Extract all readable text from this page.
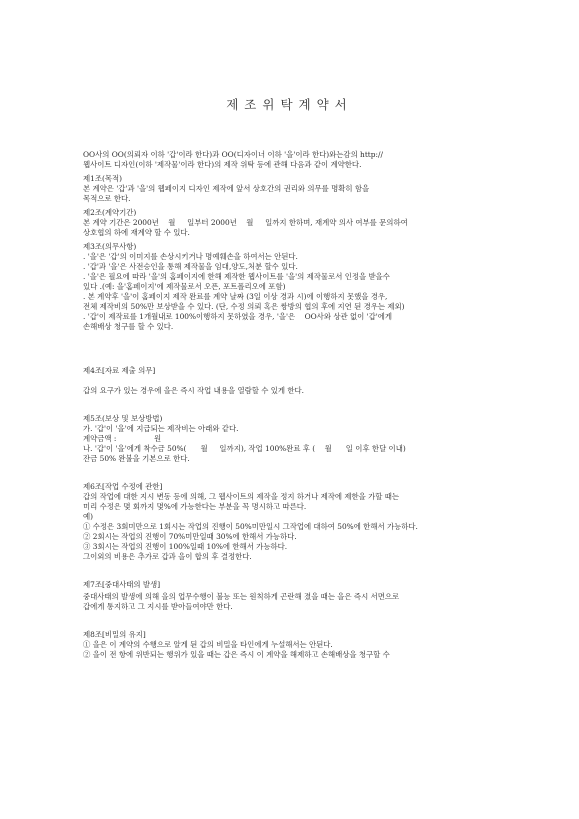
제조위탁계약서
OO사의 OO(의뢰자 이하 '갑'이라 한다)과 OO(디자이너 이하 '을'이라 한다)와는감의 http://
웹사이트 디자인(이하 '제작물'이라 한다)의 제작 위탁 등에 관해 다음과 같이 계약한다.
제1조(목적)
본 계약은 '갑'과 '을'의 웹페이지 디자인 제작에 앞서 상호간의 권리와 의무를 명확히 함을
목적으로 한다.
제2조(계약기간)
본 계약 기간은 2000년    월     일부터 2000년    월     일까지 한하며, 재계약 의사 여부를 문의하여
상호협의 하에 재계약 할 수 있다.
제3조(의무사항)
. '을'은 '갑'의 이미지를 손상시키거나 명예훼손을 하여서는 안된다.
. '갑'과 '을'은 사전승인을 통해 제작물을 임대,양도,처분 할수 있다.
. '을'은 필요에 따라 '을'의 홈페이지에 한해 제작한 웹사이트를 '을'의 제작물로서 인정을 받을수
있다 .(예: 을'홈페이지'에 제작물로서 오픈, 포트폴리오에 포함)
. 본 계약후 '을'이 홈페이지 제작 완료를 계약 날짜 (3일 이상 경과 시)에 이행하지 못했을 경우,
전체 제작비의 50%만 보상받을 수 있다. (단, 수정 의뢰 혹은 쌍방의 협의 후에 지연 된 경우는 제외)
. '갑'이 제작료를 1개월내로 100%이행하지 못하였을 경우, '을'은    OO사와 상관 없이 '갑'에게
손해배상 청구를 할 수 있다.
제4조[자료 제출 의무]
갑의 요구가 있는 경우에 을은 즉시 작업 내용을 열람할 수 있게 한다.
제5조(보상 및 보상방법)
가. '갑'이 '을'에 지급되는 제작비는 아래와 같다.
계약금액 :                원
나. '갑'이 '을'에게 착수금 50%(      월     일까지), 작업 100%완료 후 (    월      일 이후 한달 이내)
잔금 50% 완불을 기본으로 한다.
제6조[작업 수정에 관한]
갑의 작업에 대한 지시 변동 등에 의해, 그 웹사이트의 제작을 정지 하거나 제작에 제한을 가할 때는
미리 수정은 몇 회까지 몇%에 가능한다는 부분을 꼭 명시하고 따른다.
예)
① 수정은 3회미만으로 1회시는 작업의 진행이 50%미만일시 그작업에 대하여 50%에 한해서 가능하다.
② 2회시는 작업의 진행이 70%미만일때 30%에 한해서 가능하다.
③ 3회시는 작업의 진행이 100%일때 10%에 한해서 가능하다.
그이외의 비용은 추가로 갑과 을이 합의 후 결정한다.
제7조[중대사태의 발생]
중대사태의 발생에 의해 을의 업무수행이 불능 또는 원칙하게 곤란해 졌을 때는 을은 즉시 서면으로
갑에게 통지하고 그 지시를 받아들여야만 한다.
제8조[비밀의 유지]
① 을은 이 계약의 수행으로 알게 된 갑의 비밀을 타인에게 누설해서는 안된다.
② 을이 전 항에 위반되는 행위가 있을 때는 갑은 즉시 이 계약을 해제하고 손해배상을 청구할 수
